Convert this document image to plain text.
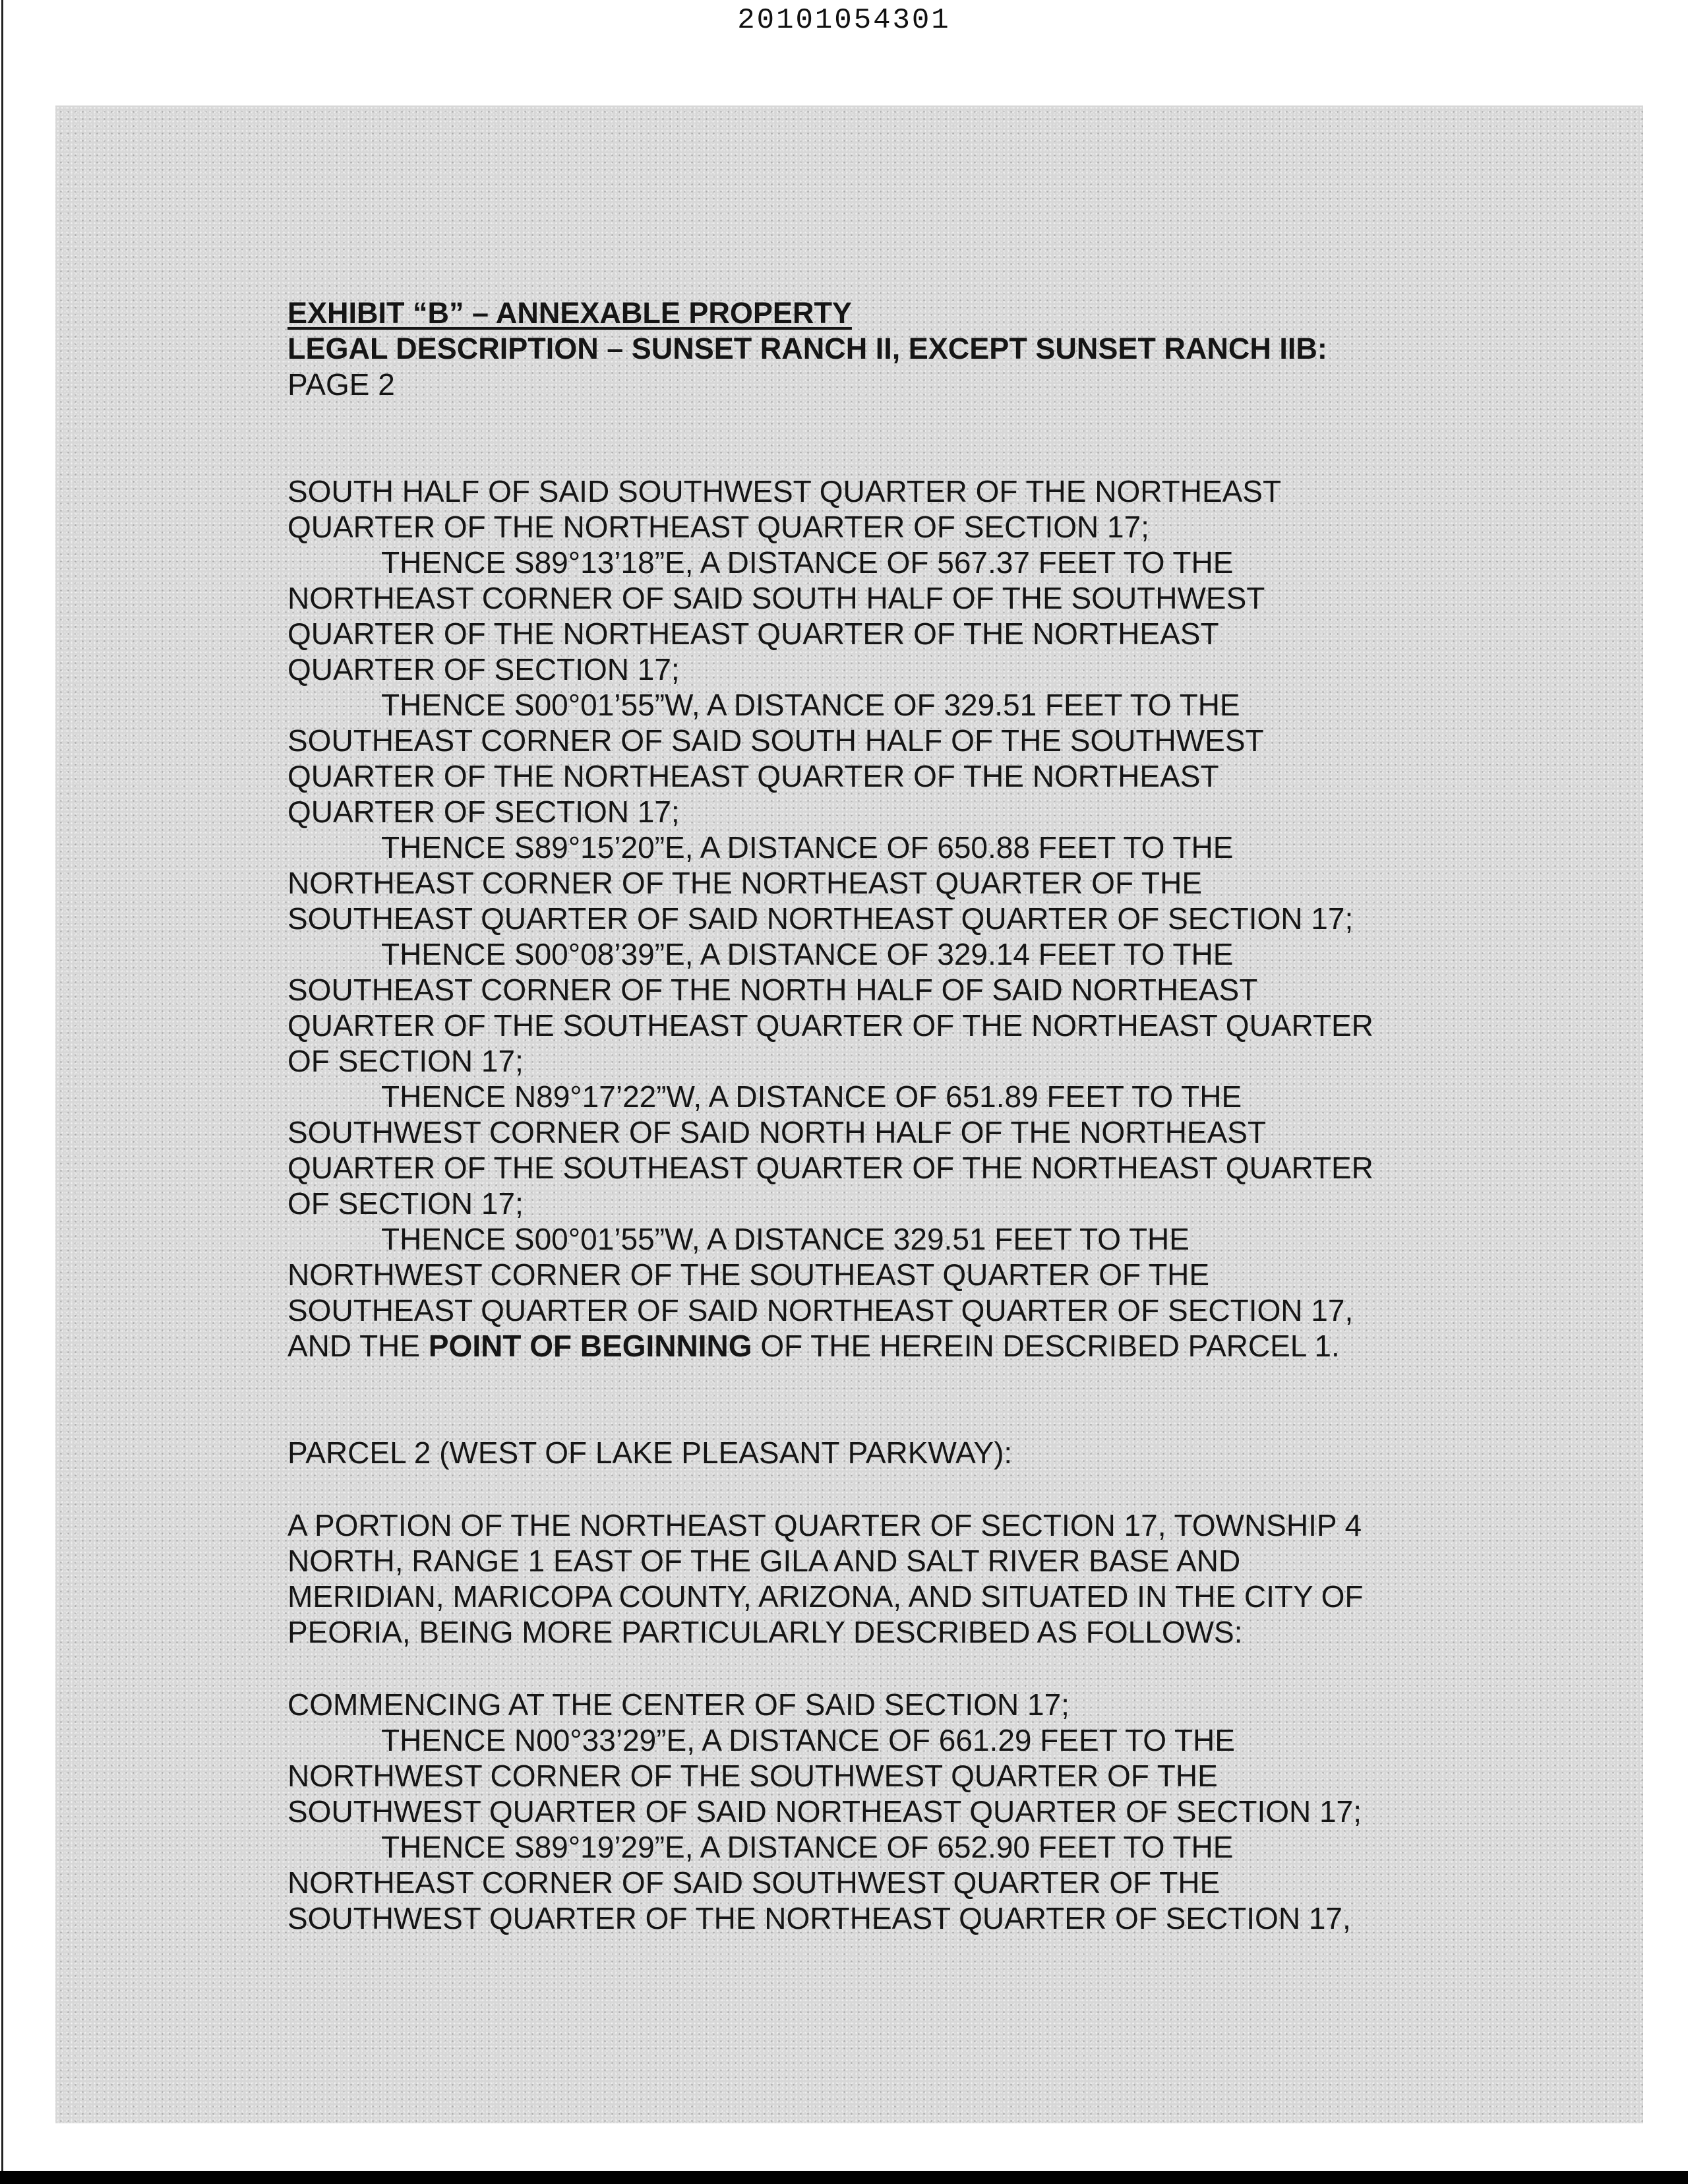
20101054301
EXHIBIT “B” – ANNEXABLE PROPERTY
LEGAL DESCRIPTION – SUNSET RANCH II, EXCEPT SUNSET RANCH IIB:
PAGE 2
SOUTH HALF OF SAID SOUTHWEST QUARTER OF THE NORTHEAST
QUARTER OF THE NORTHEAST QUARTER OF SECTION 17;
THENCE S89°13’18”E, A DISTANCE OF 567.37 FEET TO THE
NORTHEAST CORNER OF SAID SOUTH HALF OF THE SOUTHWEST
QUARTER OF THE NORTHEAST QUARTER OF THE NORTHEAST
QUARTER OF SECTION 17;
THENCE S00°01’55”W, A DISTANCE OF 329.51 FEET TO THE
SOUTHEAST CORNER OF SAID SOUTH HALF OF THE SOUTHWEST
QUARTER OF THE NORTHEAST QUARTER OF THE NORTHEAST
QUARTER OF SECTION 17;
THENCE S89°15’20”E, A DISTANCE OF 650.88 FEET TO THE
NORTHEAST CORNER OF THE NORTHEAST QUARTER OF THE
SOUTHEAST QUARTER OF SAID NORTHEAST QUARTER OF SECTION 17;
THENCE S00°08’39”E, A DISTANCE OF 329.14 FEET TO THE
SOUTHEAST CORNER OF THE NORTH HALF OF SAID NORTHEAST
QUARTER OF THE SOUTHEAST QUARTER OF THE NORTHEAST QUARTER
OF SECTION 17;
THENCE N89°17’22”W, A DISTANCE OF 651.89 FEET TO THE
SOUTHWEST CORNER OF SAID NORTH HALF OF THE NORTHEAST
QUARTER OF THE SOUTHEAST QUARTER OF THE NORTHEAST QUARTER
OF SECTION 17;
THENCE S00°01’55”W, A DISTANCE 329.51 FEET TO THE
NORTHWEST CORNER OF THE SOUTHEAST QUARTER OF THE
SOUTHEAST QUARTER OF SAID NORTHEAST QUARTER OF SECTION 17,
AND THE POINT OF BEGINNING OF THE HEREIN DESCRIBED PARCEL 1.
PARCEL 2 (WEST OF LAKE PLEASANT PARKWAY):
A PORTION OF THE NORTHEAST QUARTER OF SECTION 17, TOWNSHIP 4
NORTH, RANGE 1 EAST OF THE GILA AND SALT RIVER BASE AND
MERIDIAN, MARICOPA COUNTY, ARIZONA, AND SITUATED IN THE CITY OF
PEORIA, BEING MORE PARTICULARLY DESCRIBED AS FOLLOWS:
COMMENCING AT THE CENTER OF SAID SECTION 17;
THENCE N00°33’29”E, A DISTANCE OF 661.29 FEET TO THE
NORTHWEST CORNER OF THE SOUTHWEST QUARTER OF THE
SOUTHWEST QUARTER OF SAID NORTHEAST QUARTER OF SECTION 17;
THENCE S89°19’29”E, A DISTANCE OF 652.90 FEET TO THE
NORTHEAST CORNER OF SAID SOUTHWEST QUARTER OF THE
SOUTHWEST QUARTER OF THE NORTHEAST QUARTER OF SECTION 17,
